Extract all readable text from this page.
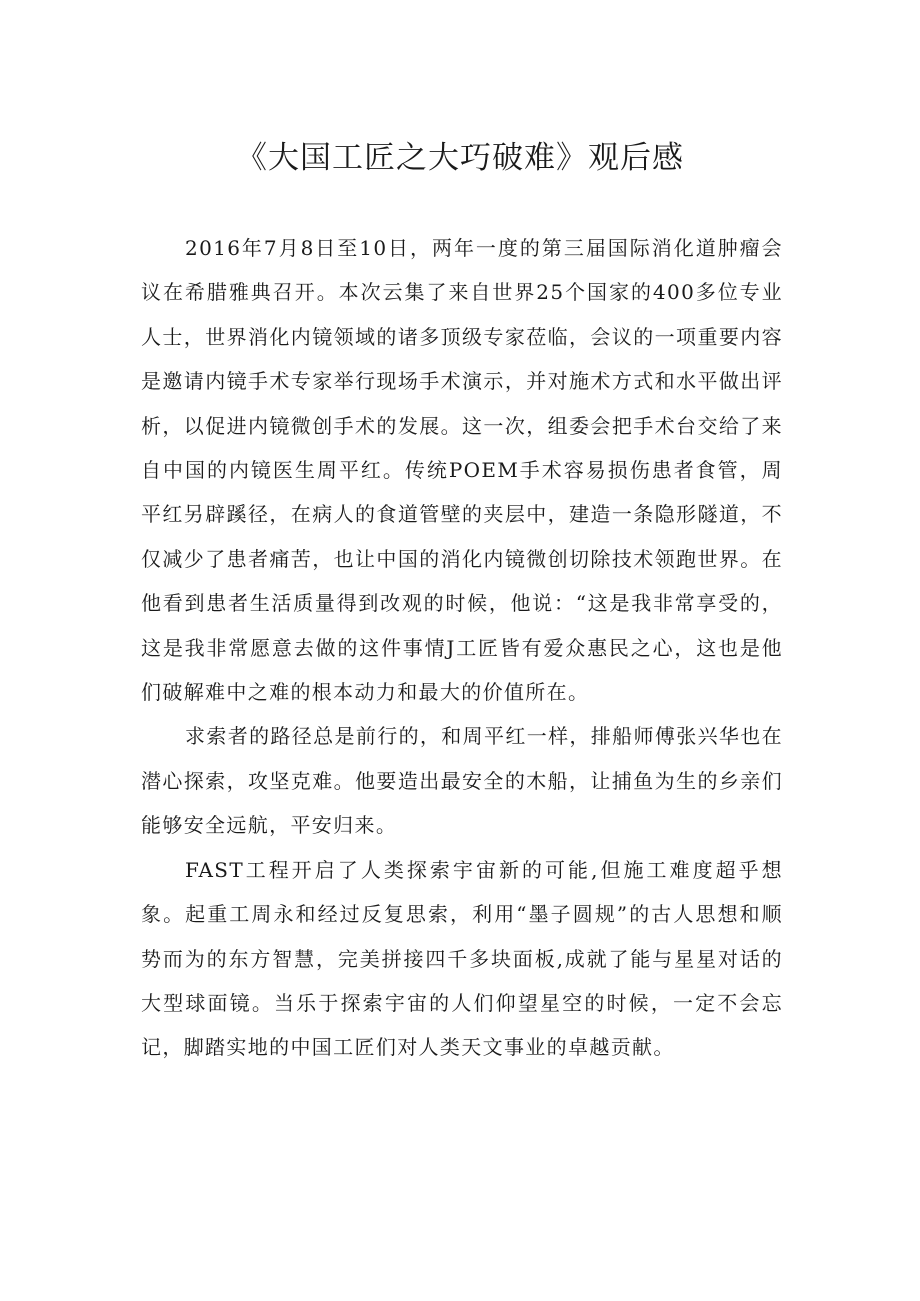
《大国工匠之大巧破难》观后感

2016年7月8日至10日，两年一度的第三届国际消化道肿瘤会议在希腊雅典召开。本次云集了来自世界25个国家的400多位专业人士，世界消化内镜领域的诸多顶级专家莅临，会议的一项重要内容是邀请内镜手术专家举行现场手术演示，并对施术方式和水平做出评析，以促进内镜微创手术的发展。这一次，组委会把手术台交给了来自中国的内镜医生周平红。传统POEM手术容易损伤患者食管，周平红另辟蹊径，在病人的食道管壁的夹层中，建造一条隐形隧道，不仅减少了患者痛苦，也让中国的消化内镜微创切除技术领跑世界。在他看到患者生活质量得到改观的时候，他说：“这是我非常享受的，这是我非常愿意去做的这件事情J工匠皆有爱众惠民之心，这也是他们破解难中之难的根本动力和最大的价值所在。

求索者的路径总是前行的，和周平红一样，排船师傅张兴华也在潜心探索，攻坚克难。他要造出最安全的木船，让捕鱼为生的乡亲们能够安全远航，平安归来。

FAST工程开启了人类探索宇宙新的可能,但施工难度超乎想象。起重工周永和经过反复思索，利用“墨子圆规”的古人思想和顺势而为的东方智慧，完美拼接四千多块面板,成就了能与星星对话的大型球面镜。当乐于探索宇宙的人们仰望星空的时候，一定不会忘记，脚踏实地的中国工匠们对人类天文事业的卓越贡献。
